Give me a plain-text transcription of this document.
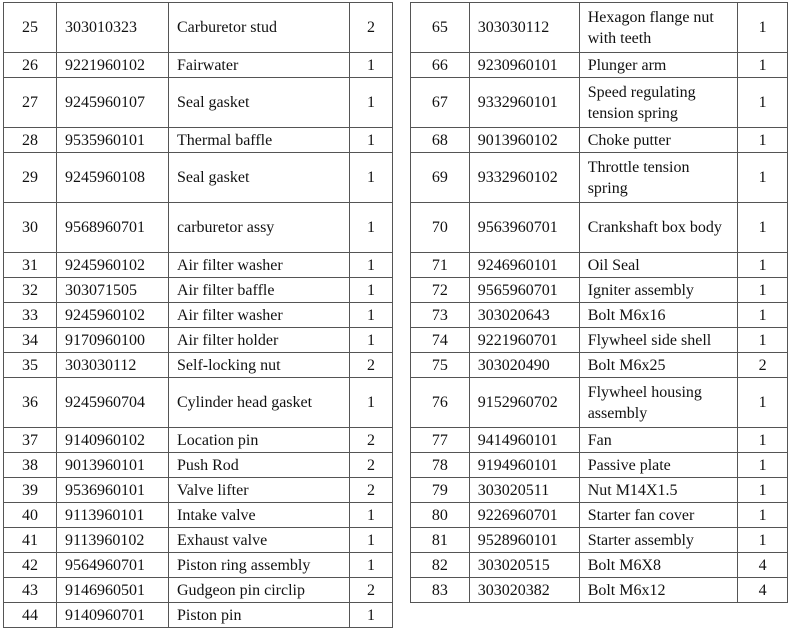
25	303010323	Carburetor stud	2
26	9221960102	Fairwater	1
27	9245960107	Seal gasket	1
28	9535960101	Thermal baffle	1
29	9245960108	Seal gasket	1
30	9568960701	carburetor assy	1
31	9245960102	Air filter washer	1
32	303071505	Air filter baffle	1
33	9245960102	Air filter washer	1
34	9170960100	Air filter holder	1
35	303030112	Self-locking nut	2
36	9245960704	Cylinder head gasket	1
37	9140960102	Location pin	2
38	9013960101	Push Rod	2
39	9536960101	Valve lifter	2
40	9113960101	Intake valve	1
41	9113960102	Exhaust valve	1
42	9564960701	Piston ring assembly	1
43	9146960501	Gudgeon pin circlip	2
44	9140960701	Piston pin	1
65	303030112	Hexagon flange nut with teeth	1
66	9230960101	Plunger arm	1
67	9332960101	Speed regulating tension spring	1
68	9013960102	Choke putter	1
69	9332960102	Throttle tension spring	1
70	9563960701	Crankshaft box body	1
71	9246960101	Oil Seal	1
72	9565960701	Igniter assembly	1
73	303020643	Bolt M6x16	1
74	9221960701	Flywheel side shell	1
75	303020490	Bolt M6x25	2
76	9152960702	Flywheel housing assembly	1
77	9414960101	Fan	1
78	9194960101	Passive plate	1
79	303020511	Nut M14X1.5	1
80	9226960701	Starter fan cover	1
81	9528960101	Starter assembly	1
82	303020515	Bolt M6X8	4
83	303020382	Bolt M6x12	4
